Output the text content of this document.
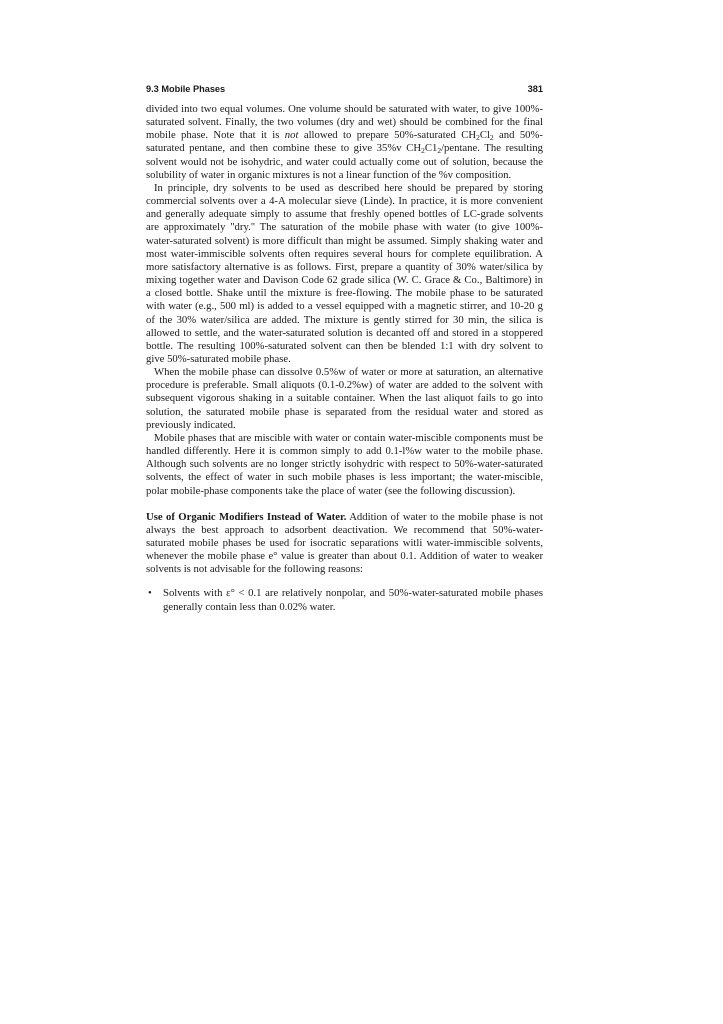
9.3 Mobile Phases	381

divided into two equal volumes. One volume should be saturated with water, to give 100%-saturated solvent. Finally, the two volumes (dry and wet) should be combined for the final mobile phase. Note that it is not allowed to prepare 50%-saturated $CH_2Cl_2$ and 50%-saturated pentane, and then combine these to give 35%v $CH_2C1_2$/pentane. The resulting solvent would not be isohydric, and water could actually come out of solution, because the solubility of water in organic mixtures is not a linear function of the %v composition.

In principle, dry solvents to be used as described here should be prepared by storing commercial solvents over a 4-A molecular sieve (Linde). In practice, it is more convenient and generally adequate simply to assume that freshly opened bottles of LC-grade solvents are approximately "dry." The saturation of the mobile phase with water (to give 100%-water-saturated solvent) is more difficult than might be assumed. Simply shaking water and most water-immiscible solvents often requires several hours for complete equilibration. A more satisfactory alternative is as follows. First, prepare a quantity of 30% water/silica by mixing together water and Davison Code 62 grade silica (W. C. Grace & Co., Baltimore) in a closed bottle. Shake until the mixture is free-flowing. The mobile phase to be saturated with water (e.g., 500 ml) is added to a vessel equipped with a magnetic stirrer, and 10-20 g of the 30% water/silica are added. The mixture is gently stirred for 30 min, the silica is allowed to settle, and the water-saturated solution is decanted off and stored in a stoppered bottle. The resulting 100%-saturated solvent can then be blended 1:1 with dry solvent to give 50%-saturated mobile phase.

When the mobile phase can dissolve 0.5%w of water or more at saturation, an alternative procedure is preferable. Small aliquots (0.1-0.2%w) of water are added to the solvent with subsequent vigorous shaking in a suitable container. When the last aliquot fails to go into solution, the saturated mobile phase is separated from the residual water and stored as previously indicated.

Mobile phases that are miscible with water or contain water-miscible components must be handled differently. Here it is common simply to add 0.1-l%w water to the mobile phase. Although such solvents are no longer strictly isohydric with respect to 50%-water-saturated solvents, the effect of water in such mobile phases is less important; the water-miscible, polar mobile-phase components take the place of water (see the following discussion).

Use of Organic Modifiers Instead of Water. Addition of water to the mobile phase is not always the best approach to adsorbent deactivation. We recommend that 50%-water-saturated mobile phases be used for isocratic separations witli water-immiscible solvents, whenever the mobile phase e° value is greater than about 0.1. Addition of water to weaker solvents is not advisable for the following reasons:

• Solvents with ε° < 0.1 are relatively nonpolar, and 50%-water-saturated mobile phases generally contain less than 0.02% water.
